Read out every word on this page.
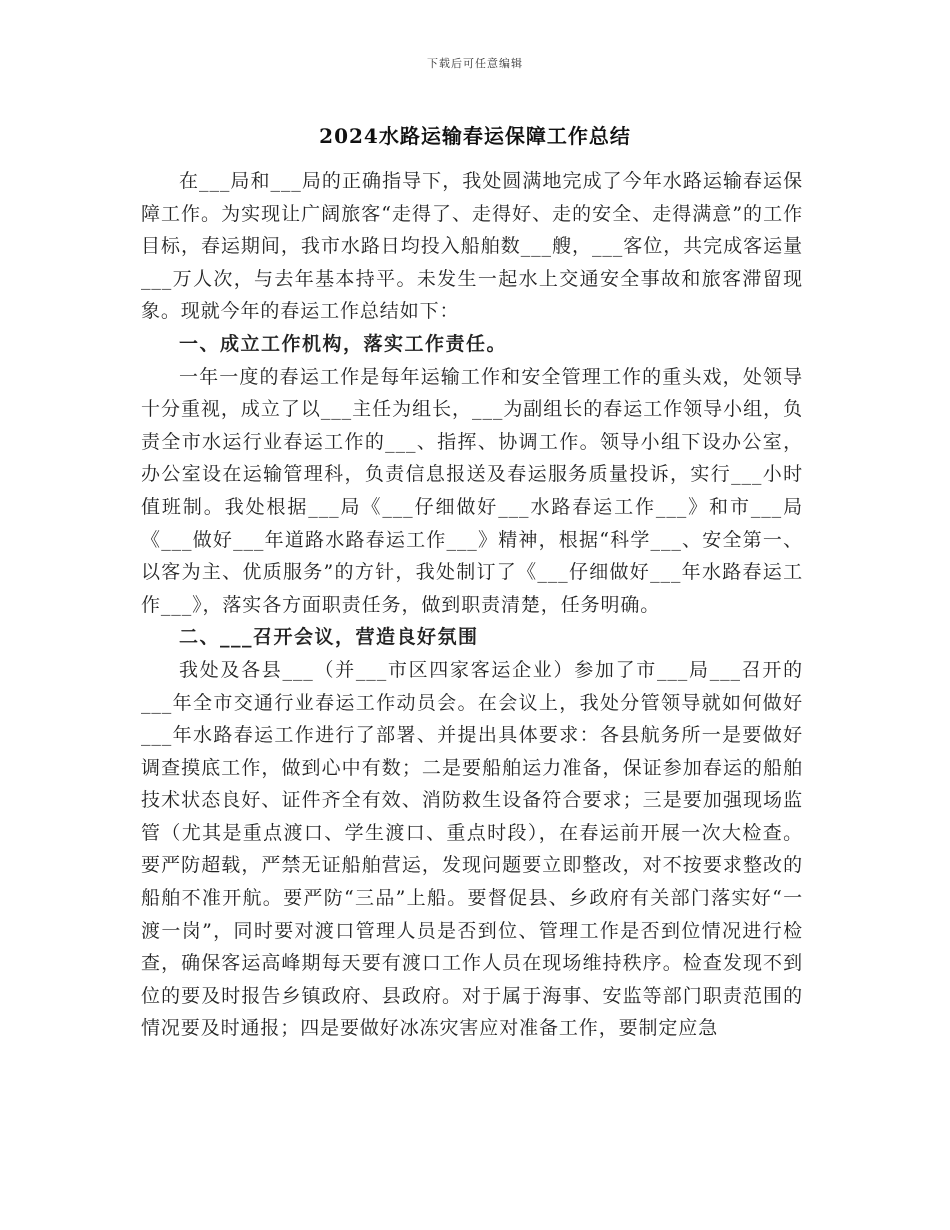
下载后可任意编辑
2024水路运输春运保障工作总结

在___局和___局的正确指导下，我处圆满地完成了今年水路运输春运保障工作。为实现让广阔旅客“走得了、走得好、走的安全、走得满意”的工作目标，春运期间，我市水路日均投入船舶数___艘，___客位，共完成客运量___万人次，与去年基本持平。未发生一起水上交通安全事故和旅客滞留现象。现就今年的春运工作总结如下：

一、成立工作机构，落实工作责任。

一年一度的春运工作是每年运输工作和安全管理工作的重头戏，处领导十分重视，成立了以___主任为组长，___为副组长的春运工作领导小组，负责全市水运行业春运工作的___、指挥、协调工作。领导小组下设办公室，办公室设在运输管理科，负责信息报送及春运服务质量投诉，实行___小时值班制。我处根据___局《___仔细做好___水路春运工作___》和市___局《___做好___年道路水路春运工作___》精神，根据“科学___、安全第一、以客为主、优质服务”的方针，我处制订了《___仔细做好___年水路春运工作___》，落实各方面职责任务，做到职责清楚，任务明确。

二、___召开会议，营造良好氛围

我处及各县___（并___市区四家客运企业）参加了市___局___召开的___年全市交通行业春运工作动员会。在会议上，我处分管领导就如何做好___年水路春运工作进行了部署、并提出具体要求：各县航务所一是要做好调查摸底工作，做到心中有数；二是要船舶运力准备，保证参加春运的船舶技术状态良好、证件齐全有效、消防救生设备符合要求；三是要加强现场监管（尤其是重点渡口、学生渡口、重点时段），在春运前开展一次大检查。要严防超载，严禁无证船舶营运，发现问题要立即整改，对不按要求整改的船舶不准开航。要严防“三品”上船。要督促县、乡政府有关部门落实好“一渡一岗”，同时要对渡口管理人员是否到位、管理工作是否到位情况进行检查，确保客运高峰期每天要有渡口工作人员在现场维持秩序。检查发现不到位的要及时报告乡镇政府、县政府。对于属于海事、安监等部门职责范围的情况要及时通报；四是要做好冰冻灾害应对准备工作，要制定应急
